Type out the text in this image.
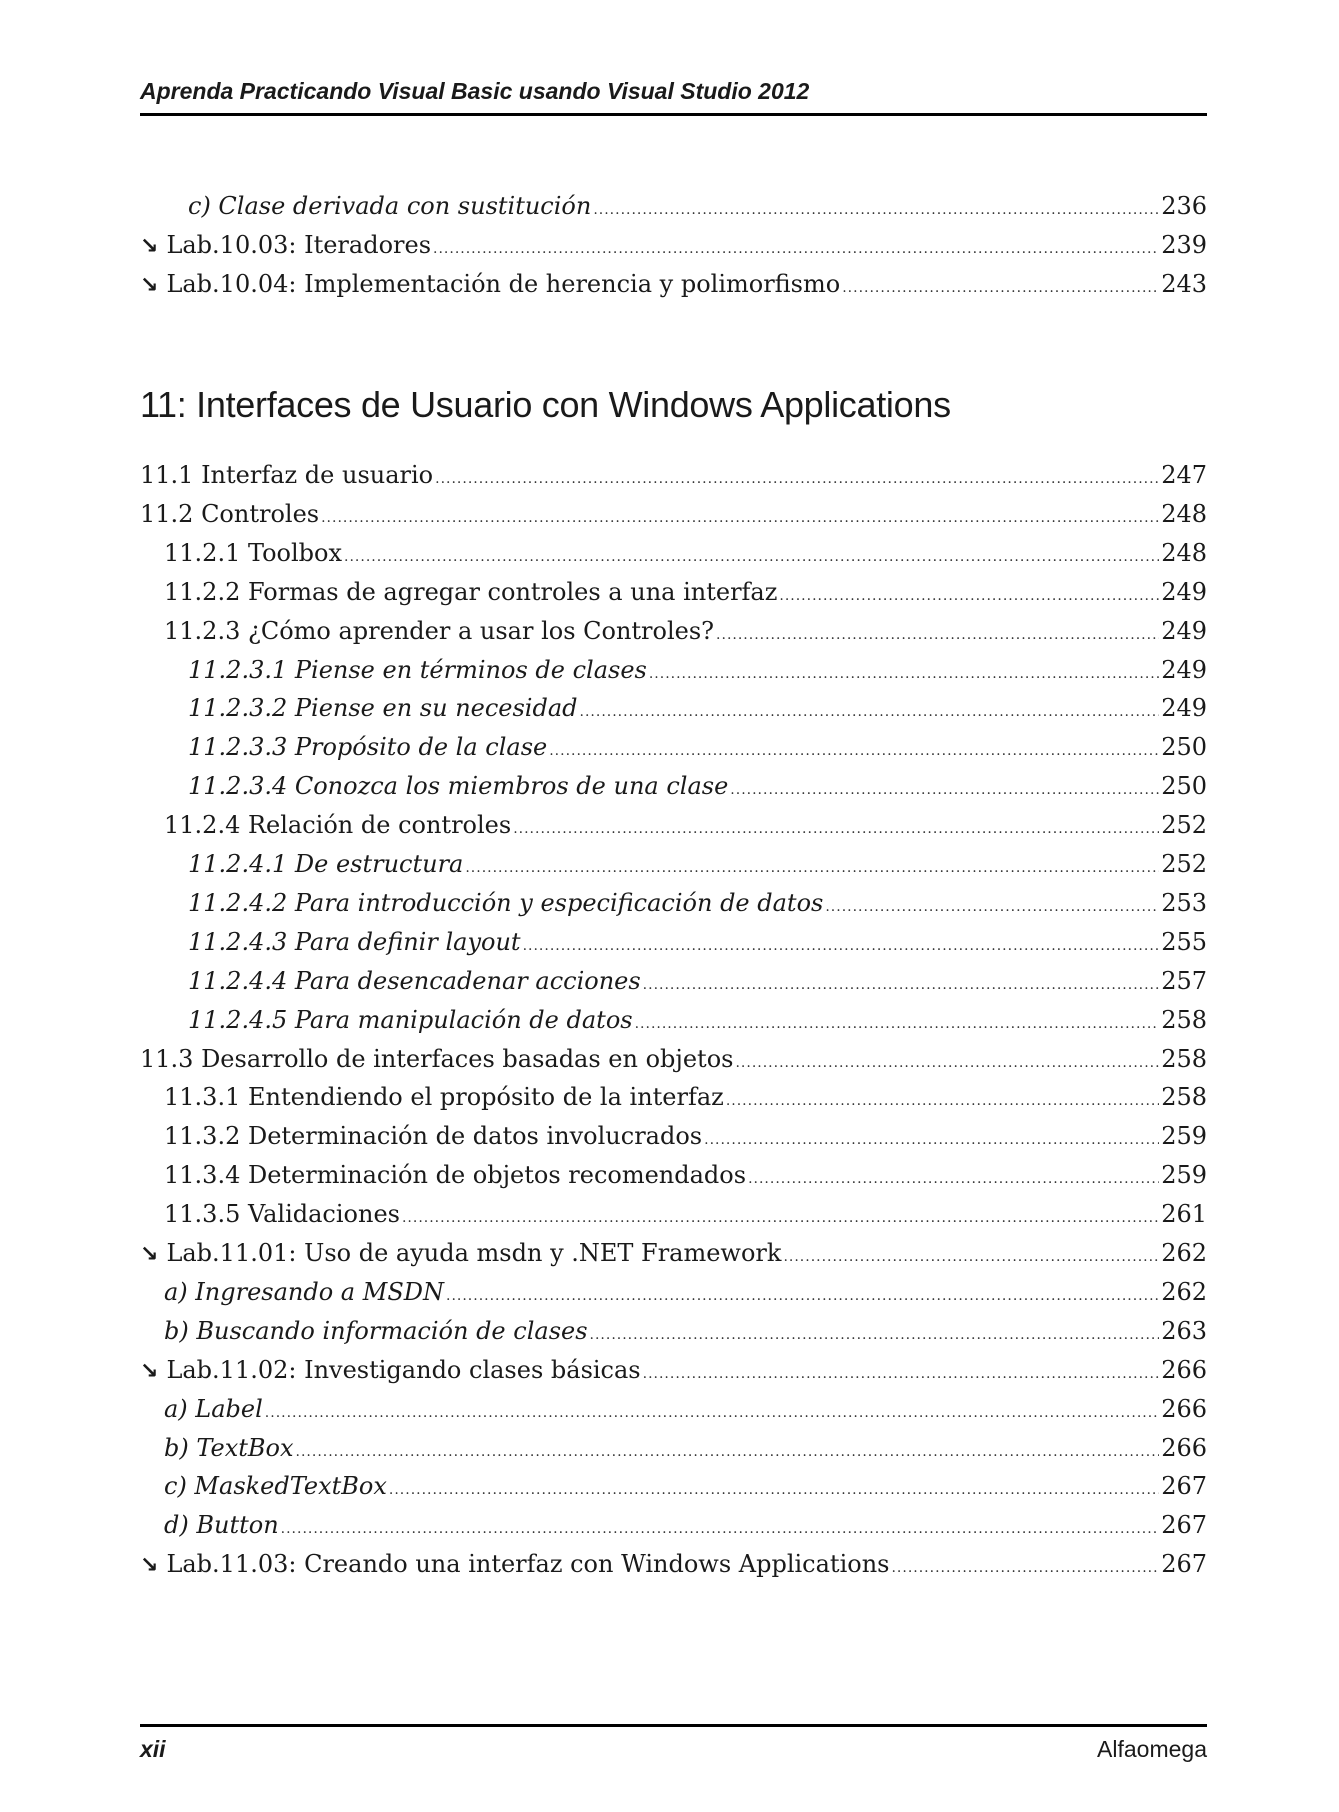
Aprenda Practicando Visual Basic usando Visual Studio 2012
c) Clase derivada con sustitución .....	236
↘ Lab.10.03: Iteradores .....	239
↘ Lab.10.04: Implementación de herencia y polimorfismo .....	243
11: Interfaces de Usuario con Windows Applications
11.1 Interfaz de usuario .....	247
11.2 Controles .....	248
11.2.1 Toolbox .....	248
11.2.2 Formas de agregar controles a una interfaz .....	249
11.2.3 ¿Cómo aprender a usar los Controles? .....	249
11.2.3.1 Piense en términos de clases .....	249
11.2.3.2 Piense en su necesidad .....	249
11.2.3.3 Propósito de la clase .....	250
11.2.3.4 Conozca los miembros de una clase .....	250
11.2.4 Relación de controles .....	252
11.2.4.1 De estructura .....	252
11.2.4.2 Para introducción y especificación de datos .....	253
11.2.4.3 Para definir layout .....	255
11.2.4.4 Para desencadenar acciones .....	257
11.2.4.5 Para manipulación de datos .....	258
11.3 Desarrollo de interfaces basadas en objetos .....	258
11.3.1 Entendiendo el propósito de la interfaz .....	258
11.3.2 Determinación de datos involucrados .....	259
11.3.4 Determinación de objetos recomendados .....	259
11.3.5 Validaciones .....	261
↘ Lab.11.01: Uso de ayuda msdn y .NET Framework .....	262
a) Ingresando a MSDN .....	262
b) Buscando información de clases .....	263
↘ Lab.11.02: Investigando clases básicas .....	266
a) Label .....	266
b) TextBox .....	266
c) MaskedTextBox .....	267
d) Button .....	267
↘ Lab.11.03: Creando una interfaz con Windows Applications .....	267
xii	Alfaomega
